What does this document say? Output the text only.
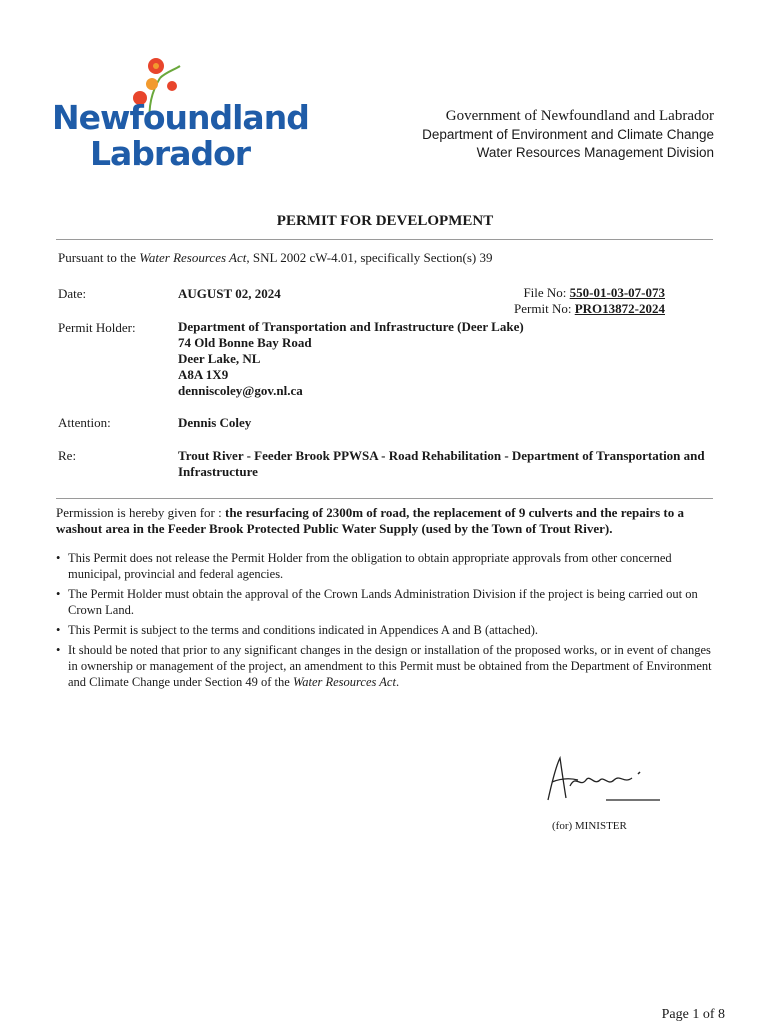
Newfoundland
Labrador
Government of Newfoundland and Labrador
Department of Environment and Climate Change
Water Resources Management Division
PERMIT FOR DEVELOPMENT
Pursuant to the Water Resources Act, SNL 2002 cW-4.01, specifically Section(s) 39
Date:	AUGUST 02, 2024	File No: 550-01-03-07-073
Permit No: PRO13872-2024
Permit Holder:	Department of Transportation and Infrastructure (Deer Lake)
74 Old Bonne Bay Road
Deer Lake, NL
A8A 1X9
denniscoley@gov.nl.ca
Attention:	Dennis Coley
Re:	Trout River - Feeder Brook PPWSA - Road Rehabilitation - Department of Transportation and Infrastructure
Permission is hereby given for : the resurfacing of 2300m of road, the replacement of 9 culverts and the repairs to a washout area in the Feeder Brook Protected Public Water Supply (used by the Town of Trout River).
• This Permit does not release the Permit Holder from the obligation to obtain appropriate approvals from other concerned municipal, provincial and federal agencies.
• The Permit Holder must obtain the approval of the Crown Lands Administration Division if the project is being carried out on Crown Land.
• This Permit is subject to the terms and conditions indicated in Appendices A and B (attached).
• It should be noted that prior to any significant changes in the design or installation of the proposed works, or in event of changes in ownership or management of the project, an amendment to this Permit must be obtained from the Department of Environment and Climate Change under Section 49 of the Water Resources Act.
(for) MINISTER
Page 1 of 8
